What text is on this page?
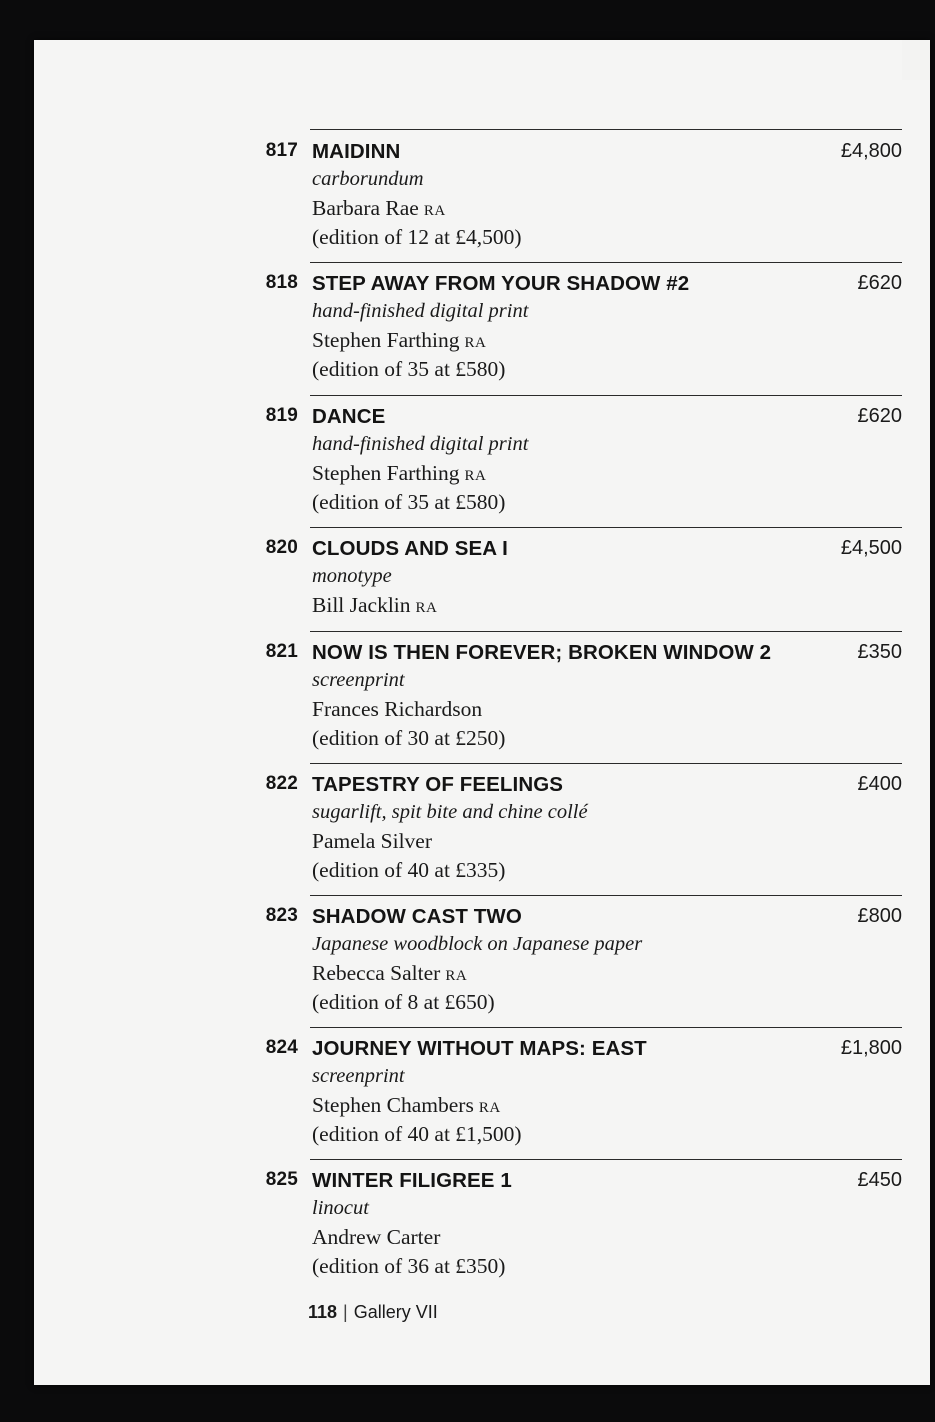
817 MAIDINN	£4,800
carborundum
Barbara Rae RA
(edition of 12 at £4,500)
818 STEP AWAY FROM YOUR SHADOW #2	£620
hand-finished digital print
Stephen Farthing RA
(edition of 35 at £580)
819 DANCE	£620
hand-finished digital print
Stephen Farthing RA
(edition of 35 at £580)
820 CLOUDS AND SEA I	£4,500
monotype
Bill Jacklin RA
821 NOW IS THEN FOREVER; BROKEN WINDOW 2	£350
screenprint
Frances Richardson
(edition of 30 at £250)
822 TAPESTRY OF FEELINGS	£400
sugarlift, spit bite and chine collé
Pamela Silver
(edition of 40 at £335)
823 SHADOW CAST TWO	£800
Japanese woodblock on Japanese paper
Rebecca Salter RA
(edition of 8 at £650)
824 JOURNEY WITHOUT MAPS: EAST	£1,800
screenprint
Stephen Chambers RA
(edition of 40 at £1,500)
825 WINTER FILIGREE 1	£450
linocut
Andrew Carter
(edition of 36 at £350)
118 | Gallery VII
